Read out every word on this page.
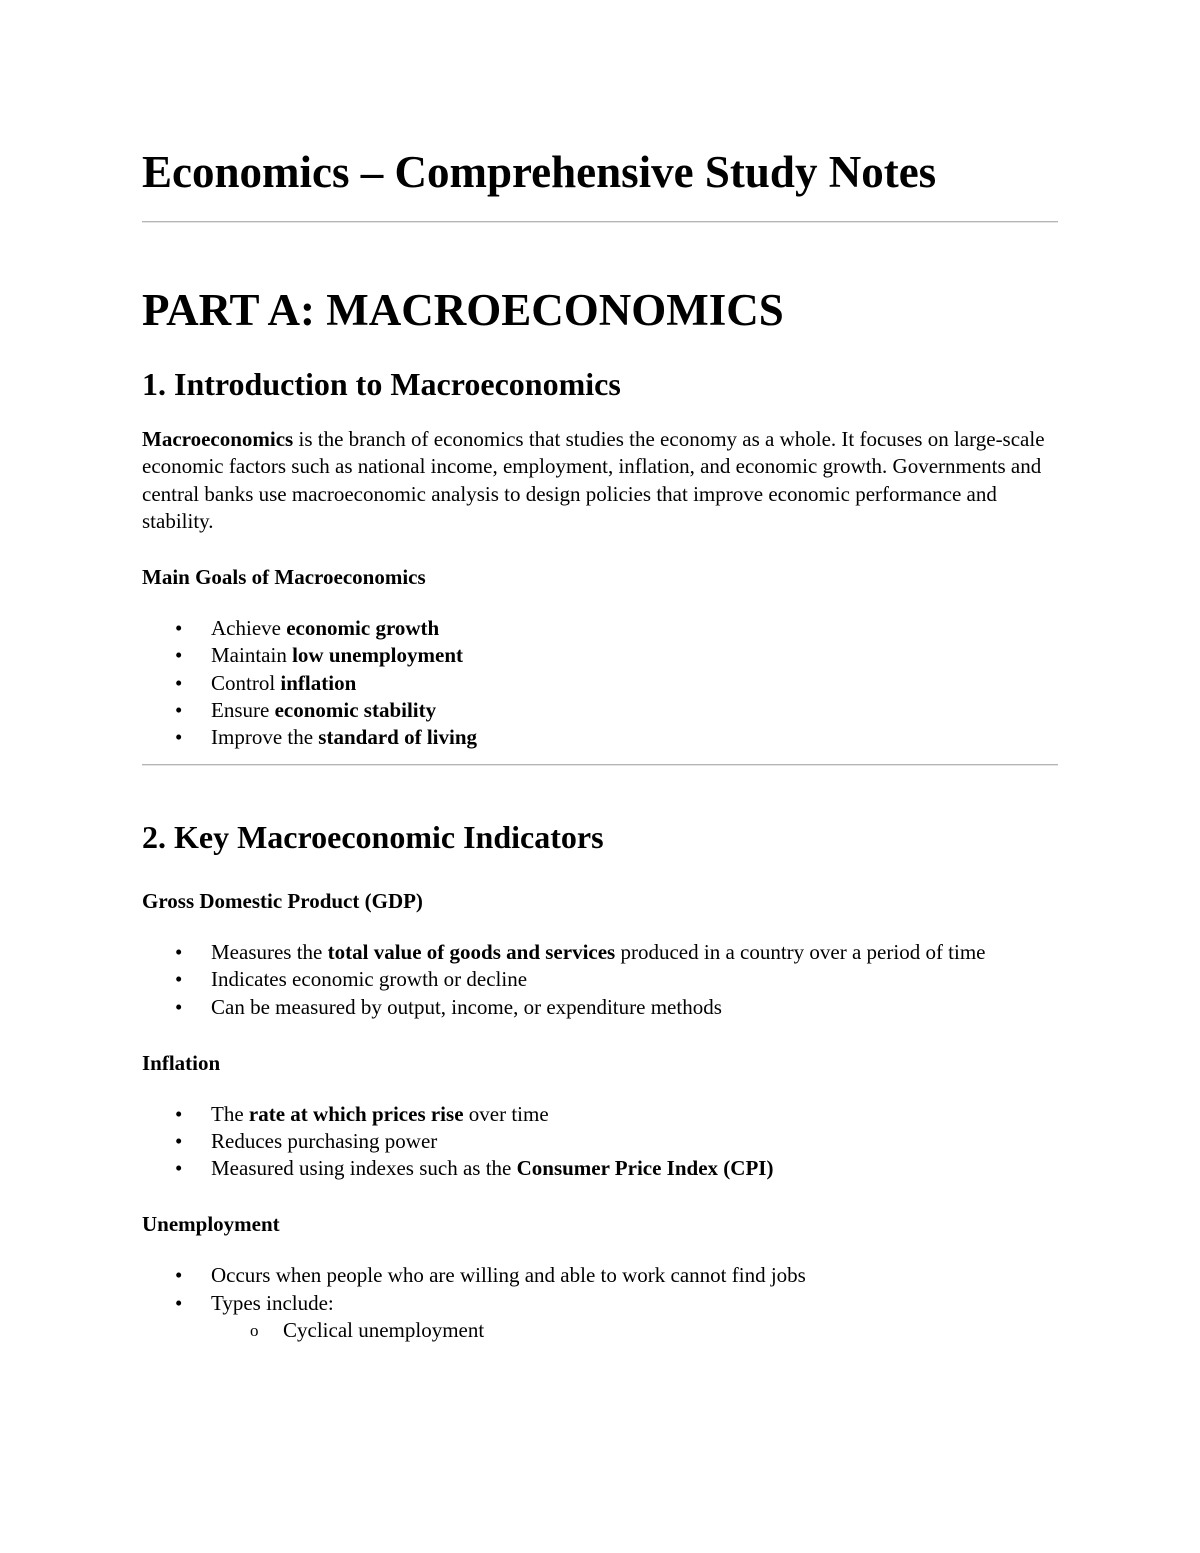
Economics – Comprehensive Study Notes
PART A: MACROECONOMICS
1. Introduction to Macroeconomics

Macroeconomics is the branch of economics that studies the economy as a whole. It focuses on large-scale economic factors such as national income, employment, inflation, and economic growth. Governments and central banks use macroeconomic analysis to design policies that improve economic performance and stability.

Main Goals of Macroeconomics
• Achieve economic growth
• Maintain low unemployment
• Control inflation
• Ensure economic stability
• Improve the standard of living
2. Key Macroeconomic Indicators
Gross Domestic Product (GDP)
• Measures the total value of goods and services produced in a country over a period of time
• Indicates economic growth or decline
• Can be measured by output, income, or expenditure methods
Inflation
• The rate at which prices rise over time
• Reduces purchasing power
• Measured using indexes such as the Consumer Price Index (CPI)
Unemployment
• Occurs when people who are willing and able to work cannot find jobs
• Types include:
o Cyclical unemployment
